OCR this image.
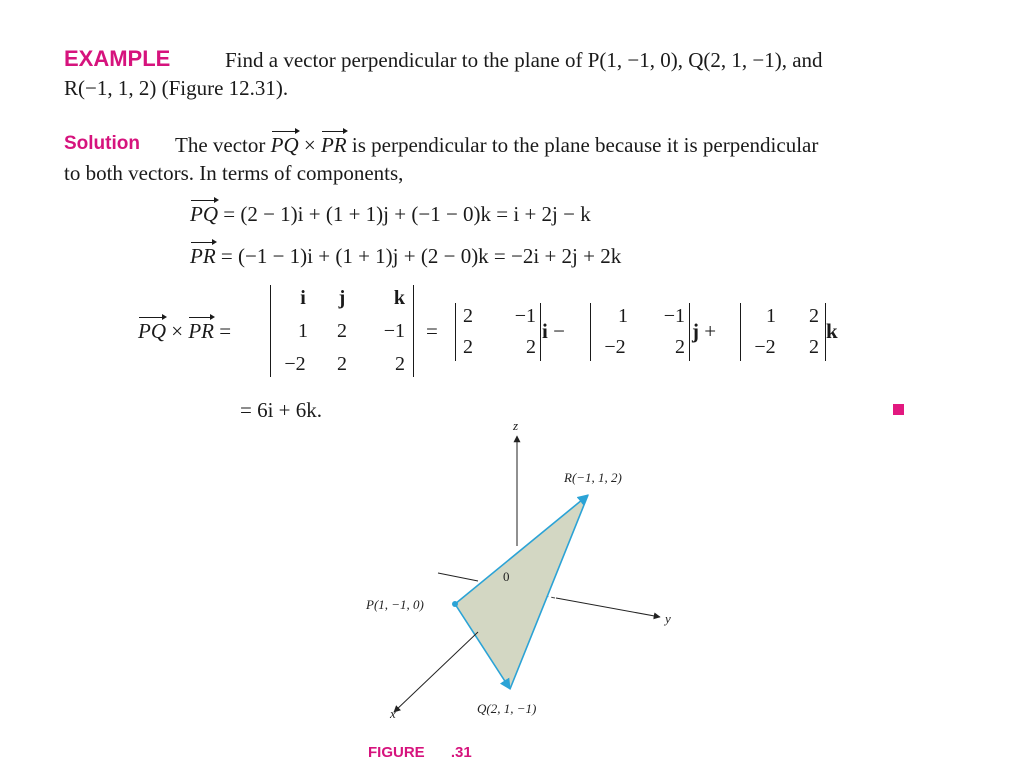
EXAMPLE	Find a vector perpendicular to the plane of P(1, −1, 0), Q(2, 1, −1), and
R(−1, 1, 2) (Figure 12.31).
Solution The vector PQ × PR is perpendicular to the plane because it is perpendicular
to both vectors. In terms of components,
PQ = (2 − 1)i + (1 + 1)j + (−1 − 0)k = i + 2j − k
PR = (−1 − 1)i + (1 + 1)j + (2 − 0)k = −2i + 2j + 2k
PQ × PR =
i	j	k
1	2	−1
−2	2	2
=
2	−1
2	2
i −
1	−1
−2	2
j +
1	2
−2	2
k
= 6i + 6k.
z
y
x
0
R(−1, 1, 2)
P(1, −1, 0)
Q(2, 1, −1)
FIGURE .31
